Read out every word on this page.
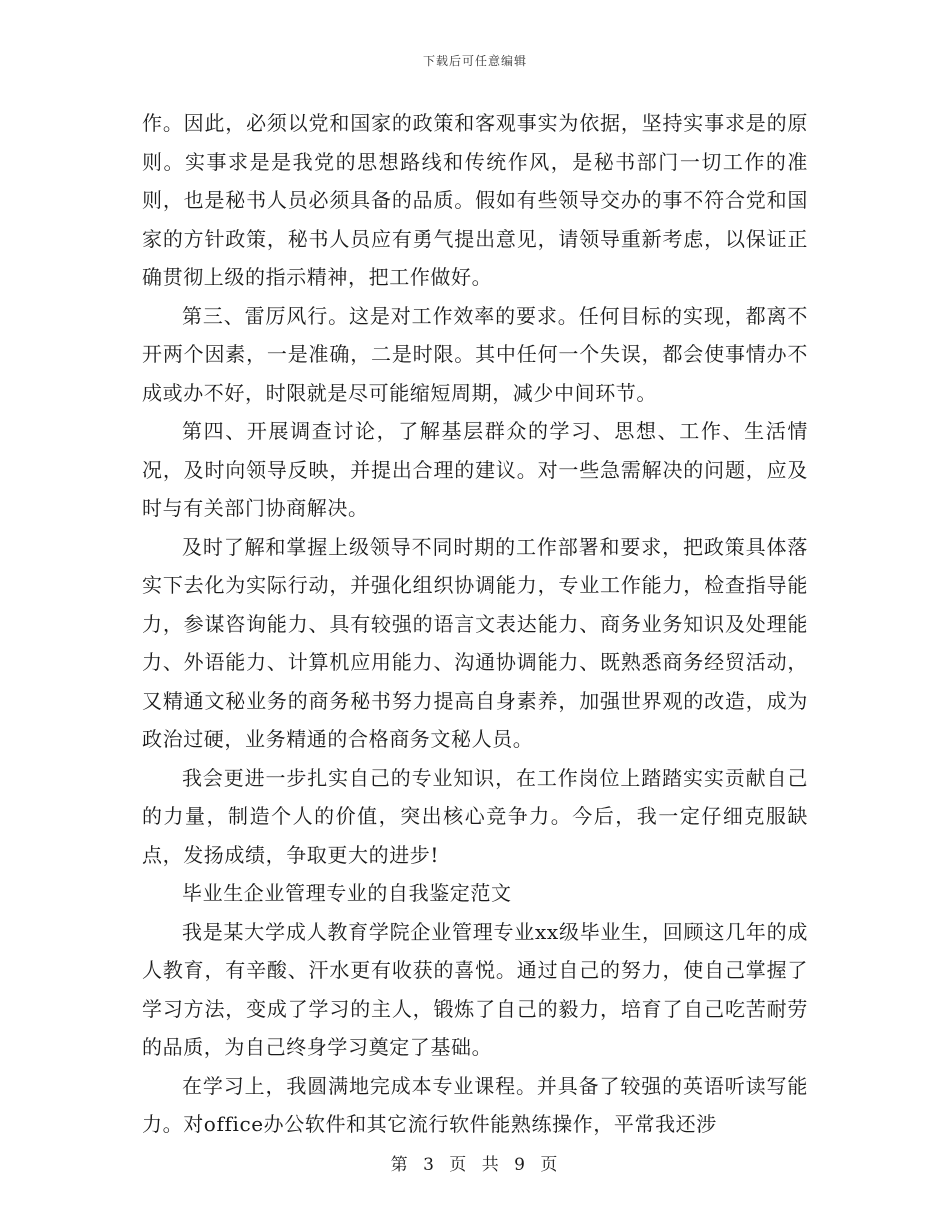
下载后可任意编辑

作。因此，必须以党和国家的政策和客观事实为依据，坚持实事求是的原则。实事求是是我党的思想路线和传统作风，是秘书部门一切工作的准则，也是秘书人员必须具备的品质。假如有些领导交办的事不符合党和国家的方针政策，秘书人员应有勇气提出意见，请领导重新考虑，以保证正确贯彻上级的指示精神，把工作做好。

第三、雷厉风行。这是对工作效率的要求。任何目标的实现，都离不开两个因素，一是准确，二是时限。其中任何一个失误，都会使事情办不成或办不好，时限就是尽可能缩短周期，减少中间环节。

第四、开展调查讨论，了解基层群众的学习、思想、工作、生活情况，及时向领导反映，并提出合理的建议。对一些急需解决的问题，应及时与有关部门协商解决。

及时了解和掌握上级领导不同时期的工作部署和要求，把政策具体落实下去化为实际行动，并强化组织协调能力，专业工作能力，检查指导能力，参谋咨询能力、具有较强的语言文表达能力、商务业务知识及处理能力、外语能力、计算机应用能力、沟通协调能力、既熟悉商务经贸活动，又精通文秘业务的商务秘书努力提高自身素养，加强世界观的改造，成为政治过硬，业务精通的合格商务文秘人员。

我会更进一步扎实自己的专业知识，在工作岗位上踏踏实实贡献自己的力量，制造个人的价值，突出核心竞争力。今后，我一定仔细克服缺点，发扬成绩，争取更大的进步!

毕业生企业管理专业的自我鉴定范文

我是某大学成人教育学院企业管理专业xx级毕业生，回顾这几年的成人教育，有辛酸、汗水更有收获的喜悦。通过自己的努力，使自己掌握了学习方法，变成了学习的主人，锻炼了自己的毅力，培育了自己吃苦耐劳的品质，为自己终身学习奠定了基础。

在学习上，我圆满地完成本专业课程。并具备了较强的英语听读写能力。对office办公软件和其它流行软件能熟练操作，平常我还涉

第 3 页 共 9 页
